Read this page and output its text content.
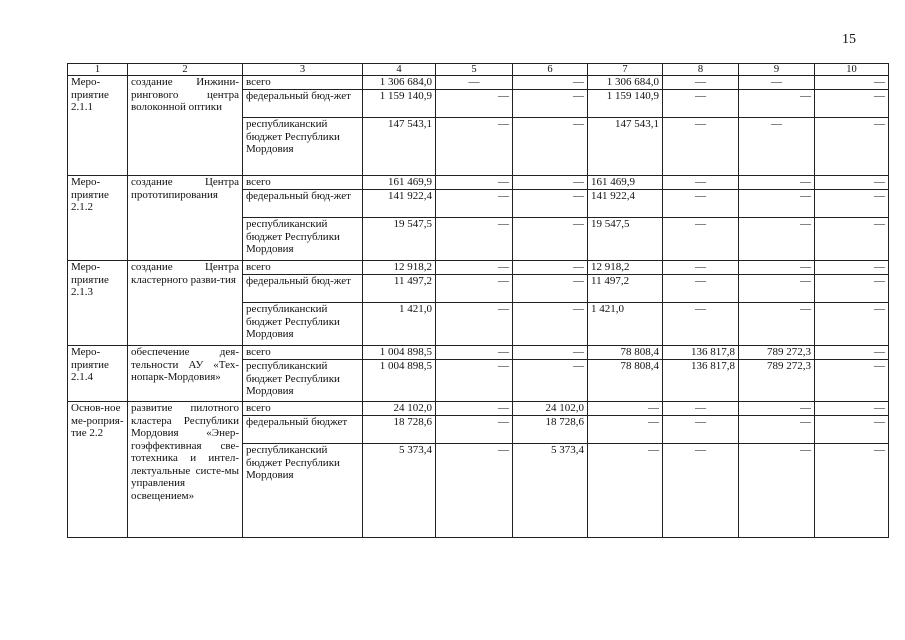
15
1	2	3	4	5	6	7	8	9	10
Меро-приятие 2.1.1	создание Инжини-рингового центра волоконной оптики	всего	1 306 684,0	—	—	1 306 684,0	—	—	—
		федеральный бюд-жет	1 159 140,9	—	—	1 159 140,9	—	—	—
		республиканский бюджет Республики Мордовия	147 543,1	—	—	147 543,1	—	—	—
Меро-приятие 2.1.2	создание Центра прототипирования	всего	161 469,9	—	—	161 469,9	—	—	—
		федеральный бюд-жет	141 922,4	—	—	141 922,4	—	—	—
		республиканский бюджет Республики Мордовия	19 547,5	—	—	19 547,5	—	—	—
Меро-приятие 2.1.3	создание Центра кластерного разви-тия	всего	12 918,2	—	—	12 918,2	—	—	—
		федеральный бюд-жет	11 497,2	—	—	11 497,2	—	—	—
		республиканский бюджет Республики Мордовия	1 421,0	—	—	1 421,0	—	—	—
Меро-приятие 2.1.4	обеспечение дея-тельности АУ «Тех-нопарк-Мордовия»	всего	1 004 898,5	—	—	78 808,4	136 817,8	789 272,3	—
		республиканский бюджет Республики Мордовия	1 004 898,5	—	—	78 808,4	136 817,8	789 272,3	—
Основ-ное ме-роприя-тие 2.2	развитие пилотного кластера Республики Мордовия «Энер-гоэффективная све-тотехника и интел-лектуальные систе-мы управления освещением»	всего	24 102,0	—	24 102,0	—	—	—	—
		федеральный бюджет	18 728,6	—	18 728,6	—	—	—	—
		республиканский бюджет Республики Мордовия	5 373,4	—	5 373,4	—	—	—	—
